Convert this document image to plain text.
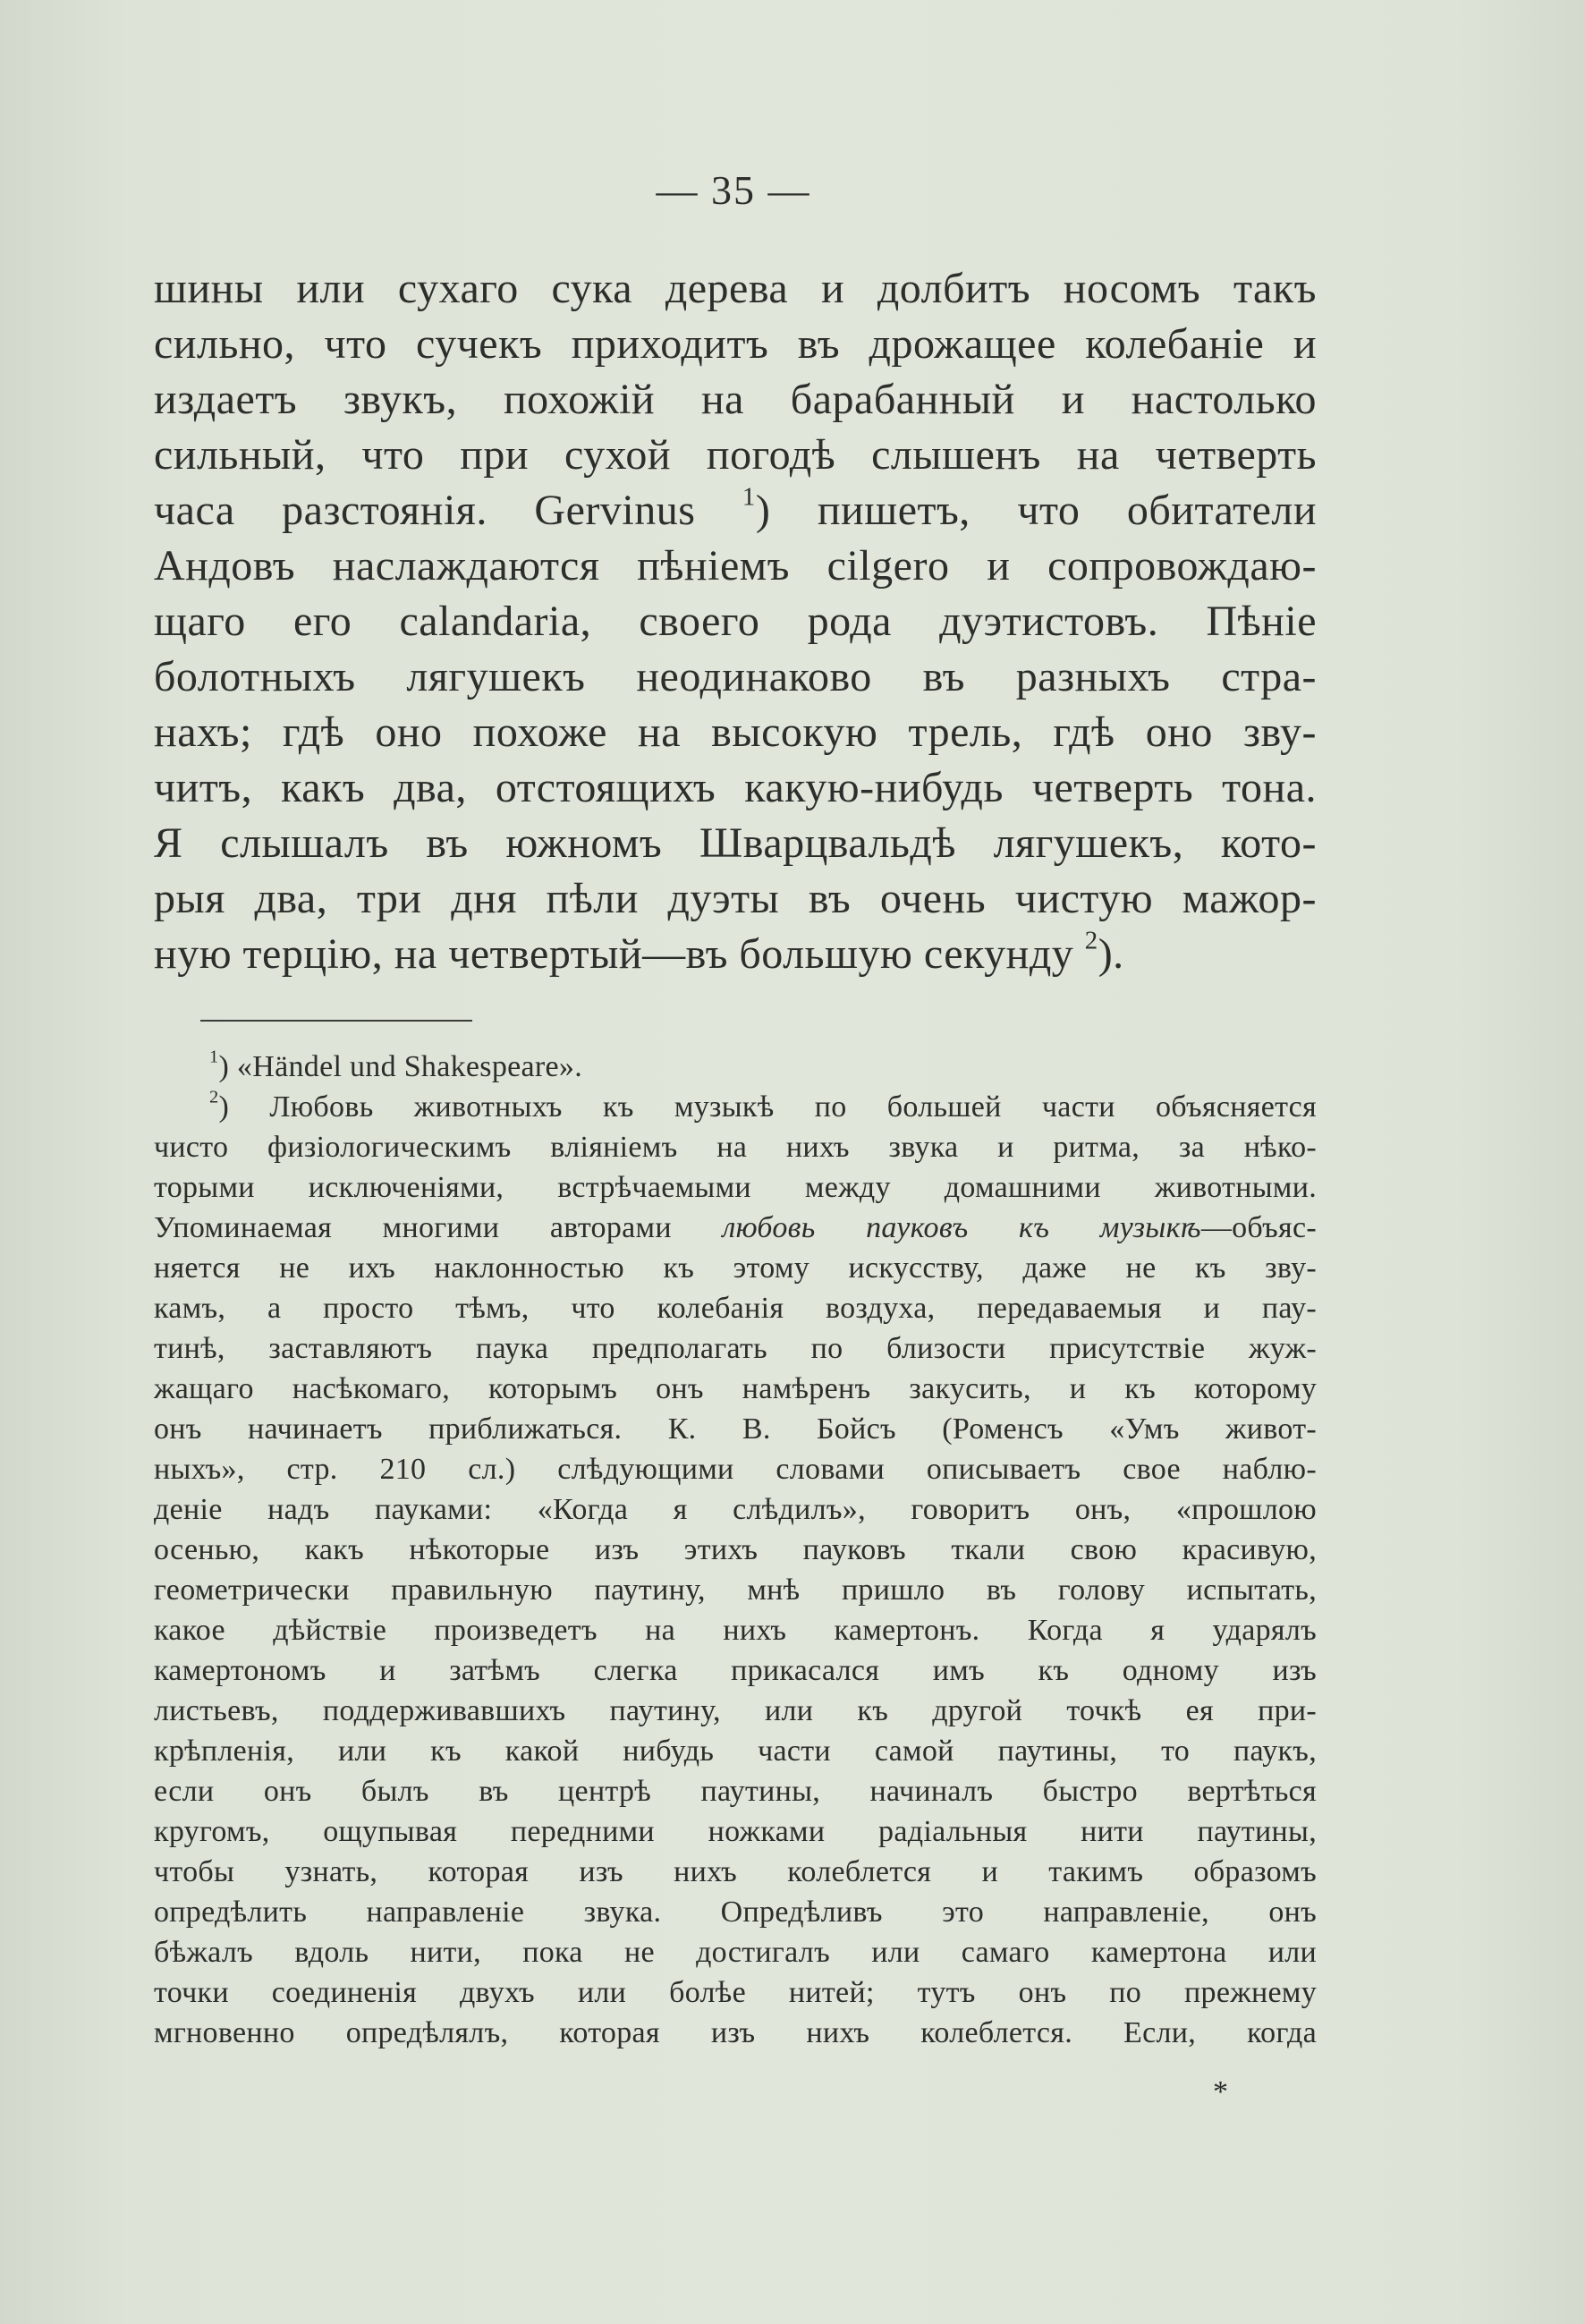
— 35 —
шины или сухаго сука дерева и долбитъ носомъ такъ
сильно, что сучекъ приходитъ въ дрожащее колебаніе и
издаетъ звукъ, похожій на барабанный и настолько
сильный, что при сухой погодѣ слышенъ на четверть
часа разстоянія. Gervinus $^1$) пишетъ, что обитатели
Андовъ наслаждаются пѣніемъ cilgero и сопровождаю-
щаго его calandaria, своего рода дуэтистовъ. Пѣніе
болотныхъ лягушекъ неодинаково въ разныхъ стра-
нахъ; гдѣ оно похоже на высокую трель, гдѣ оно зву-
читъ, какъ два, отстоящихъ какую-нибудь четверть тона.
Я слышалъ въ южномъ Шварцвальдѣ лягушекъ, кото-
рыя два, три дня пѣли дуэты въ очень чистую мажор-
ную терцію, на четвертый—въ большую секунду $^2$).
$^1$) «Händel und Shakespeare».
$^2$) Любовь животныхъ къ музыкѣ по большей части объясняется
чисто физіологическимъ вліяніемъ на нихъ звука и ритма, за нѣко-
торыми исключеніями, встрѣчаемыми между домашними животными.
Упоминаемая многими авторами любовь пауковъ къ музыкѣ—объяс-
няется не ихъ наклонностью къ этому искусству, даже не къ зву-
камъ, а просто тѣмъ, что колебанія воздуха, передаваемыя и пау-
тинѣ, заставляютъ паука предполагать по близости присутствіе жуж-
жащаго насѣкомаго, которымъ онъ намѣренъ закусить, и къ которому
онъ начинаетъ приближаться. К. В. Бойсъ (Роменсъ «Умъ живот-
ныхъ», стр. 210 сл.) слѣдующими словами описываетъ свое наблю-
деніе надъ пауками: «Когда я слѣдилъ», говоритъ онъ, «прошлою
осенью, какъ нѣкоторые изъ этихъ пауковъ ткали свою красивую,
геометрически правильную паутину, мнѣ пришло въ голову испытать,
какое дѣйствіе произведетъ на нихъ камертонъ. Когда я ударялъ
камертономъ и затѣмъ слегка прикасался имъ къ одному изъ
листьевъ, поддерживавшихъ паутину, или къ другой точкѣ ея при-
крѣпленія, или къ какой нибудь части самой паутины, то паукъ,
если онъ былъ въ центрѣ паутины, начиналъ быстро вертѣться
кругомъ, ощупывая передними ножками радіальныя нити паутины,
чтобы узнать, которая изъ нихъ колеблется и такимъ образомъ
опредѣлить направленіе звука. Опредѣливъ это направленіе, онъ
бѣжалъ вдоль нити, пока не достигалъ или самаго камертона или
точки соединенія двухъ или болѣе нитей; тутъ онъ по прежнему
мгновенно опредѣлялъ, которая изъ нихъ колеблется. Если, когда
*
